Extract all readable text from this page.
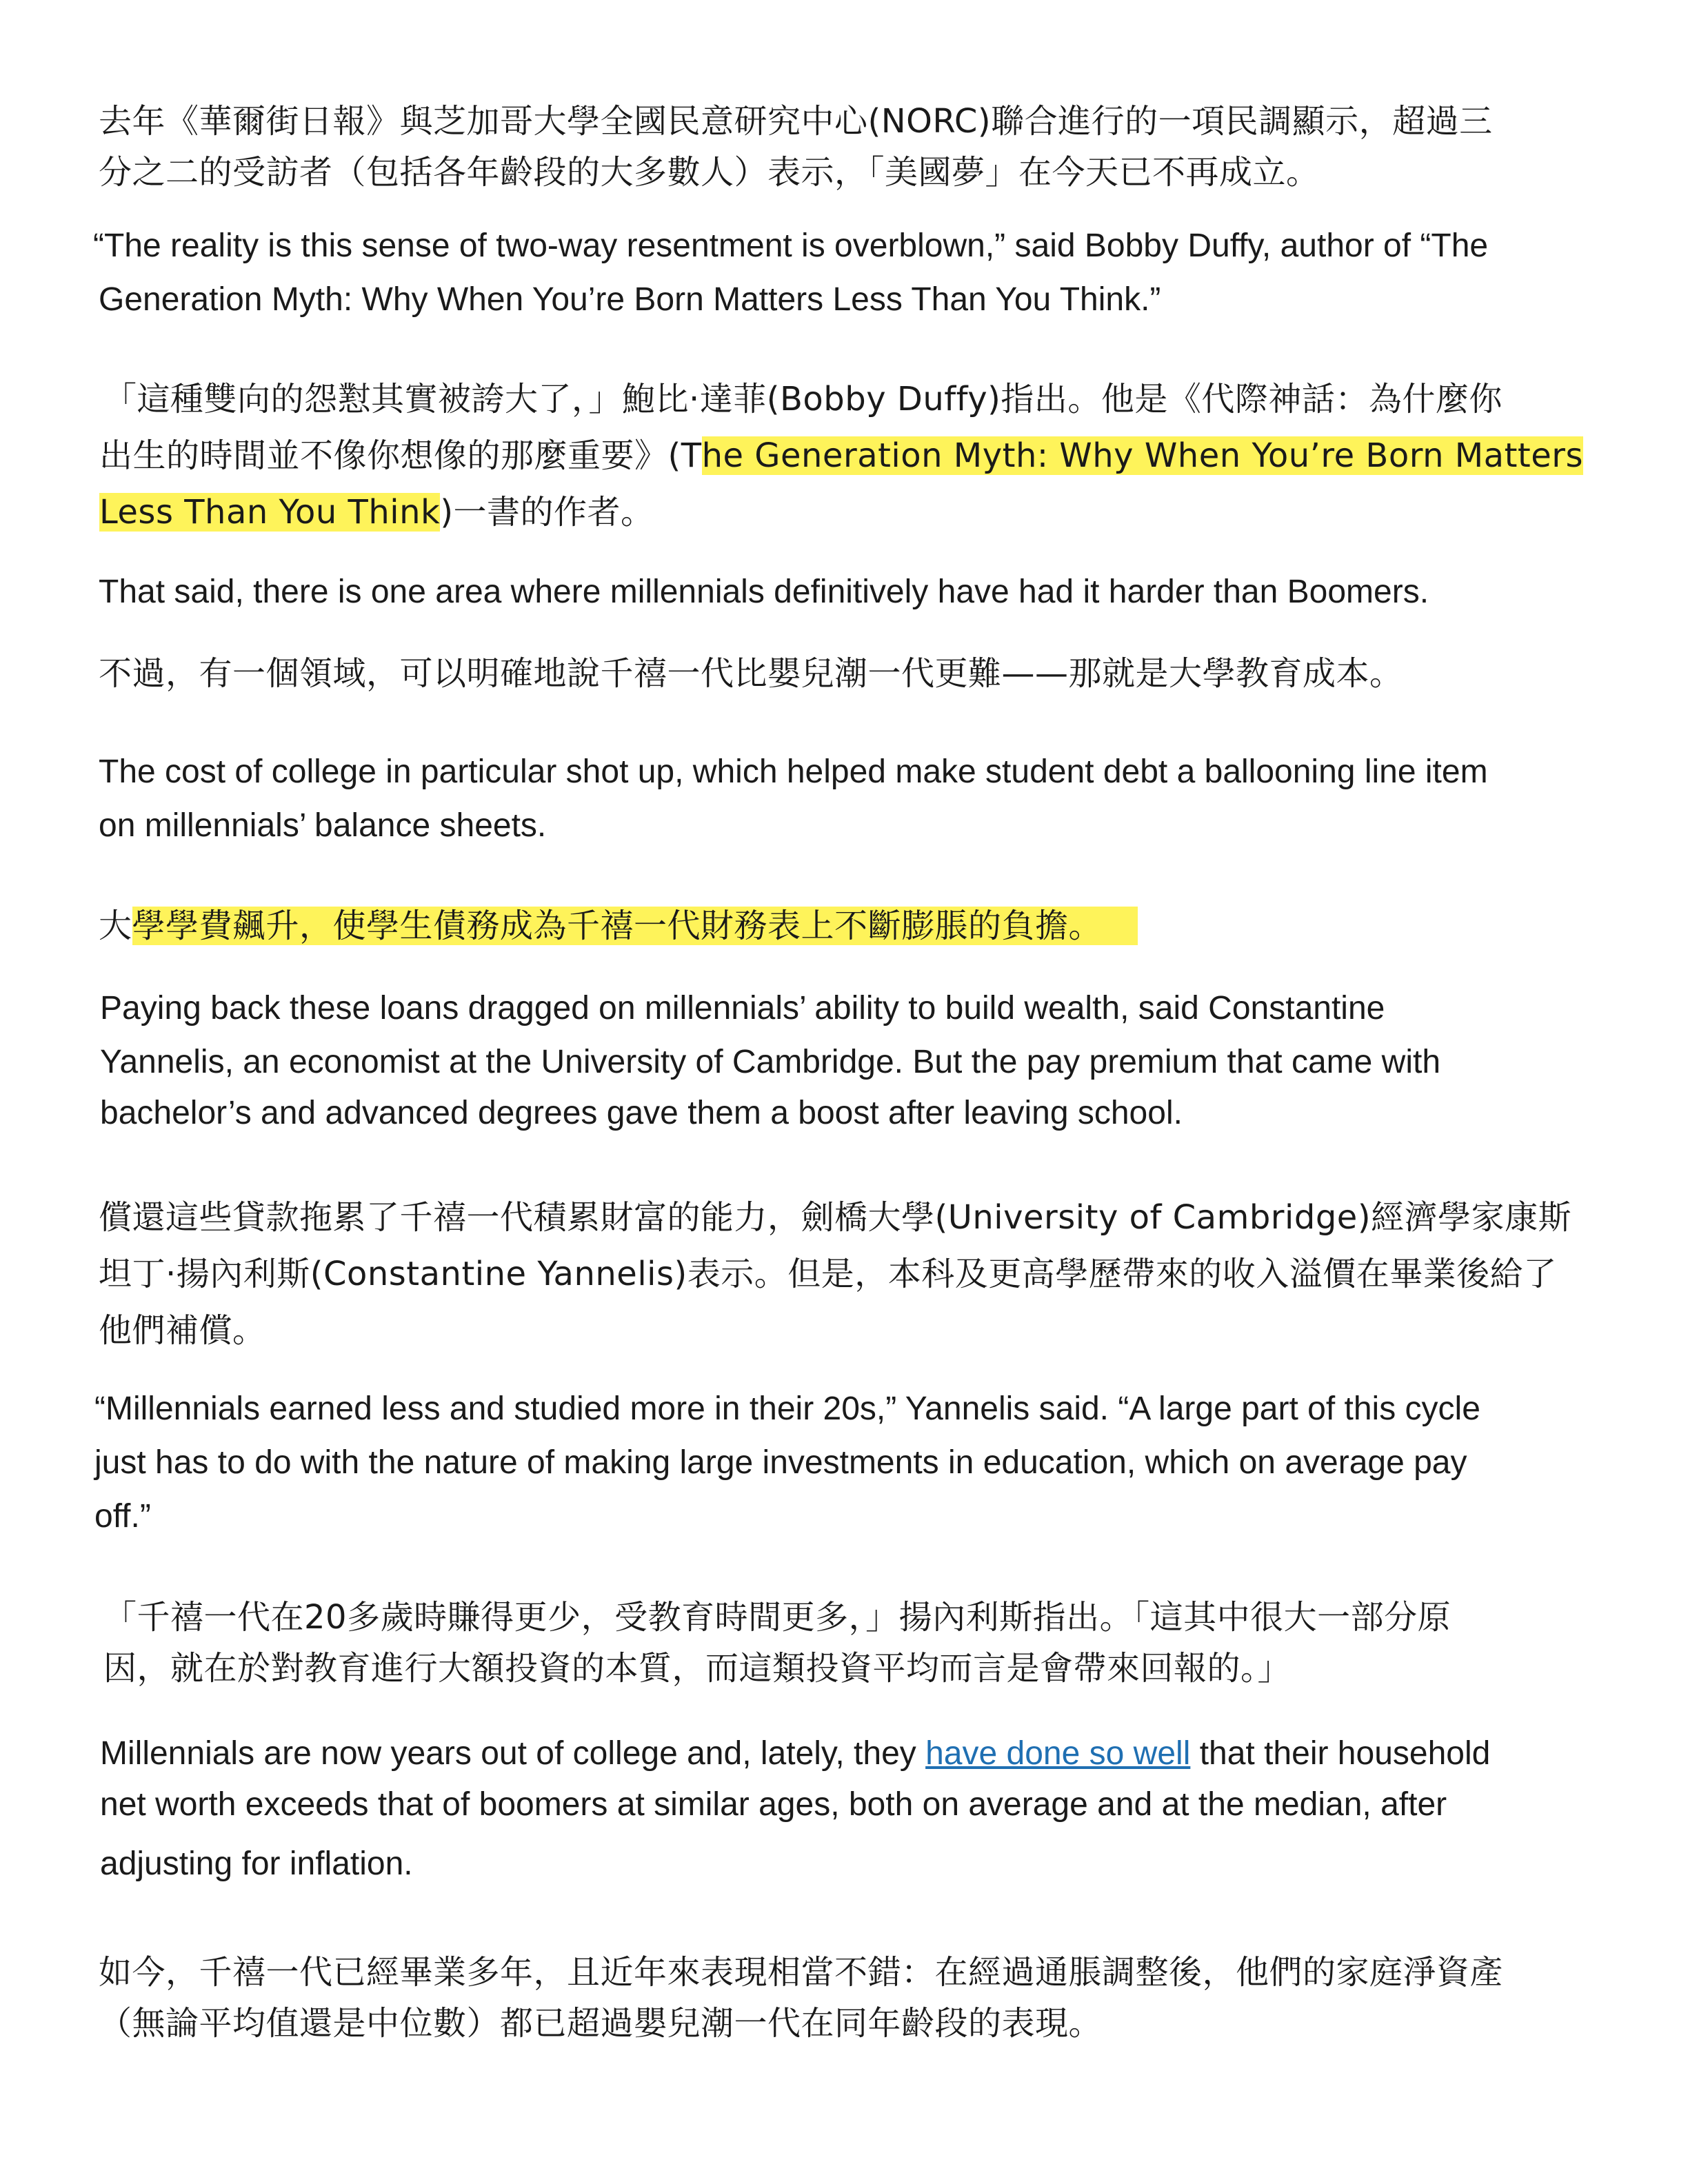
去年《華爾街日報》與芝加哥大學全國民意研究中心(NORC)聯合進行的一項民調顯示，超過三
分之二的受訪者（包括各年齡段的大多數人）表示，「美國夢」在今天已不再成立。
“The reality is this sense of two-way resentment is overblown,” said Bobby Duffy, author of “The
Generation Myth: Why When You’re Born Matters Less Than You Think.”
「這種雙向的怨懟其實被誇大了，」鮑比·達菲(Bobby Duffy)指出。他是《代際神話：為什麼你
出生的時間並不像你想像的那麼重要》(The Generation Myth: Why When You’re Born Matters
Less Than You Think)一書的作者。
That said, there is one area where millennials definitively have had it harder than Boomers.
不過，有一個領域，可以明確地說千禧一代比嬰兒潮一代更難——那就是大學教育成本。
The cost of college in particular shot up, which helped make student debt a ballooning line item
on millennials’ balance sheets.
大學學費飆升，使學生債務成為千禧一代財務表上不斷膨脹的負擔。
Paying back these loans dragged on millennials’ ability to build wealth, said Constantine
Yannelis, an economist at the University of Cambridge. But the pay premium that came with
bachelor’s and advanced degrees gave them a boost after leaving school.
償還這些貸款拖累了千禧一代積累財富的能力，劍橋大學(University of Cambridge)經濟學家康斯
坦丁·揚內利斯(Constantine Yannelis)表示。但是，本科及更高學歷帶來的收入溢價在畢業後給了
他們補償。
“Millennials earned less and studied more in their 20s,” Yannelis said. “A large part of this cycle
just has to do with the nature of making large investments in education, which on average pay
off.”
「千禧一代在20多歲時賺得更少，受教育時間更多，」揚內利斯指出。「這其中很大一部分原
因，就在於對教育進行大額投資的本質，而這類投資平均而言是會帶來回報的。」
Millennials are now years out of college and, lately, they have done so well that their household
net worth exceeds that of boomers at similar ages, both on average and at the median, after
adjusting for inflation.
如今，千禧一代已經畢業多年，且近年來表現相當不錯：在經過通脹調整後，他們的家庭淨資產
（無論平均值還是中位數）都已超過嬰兒潮一代在同年齡段的表現。
